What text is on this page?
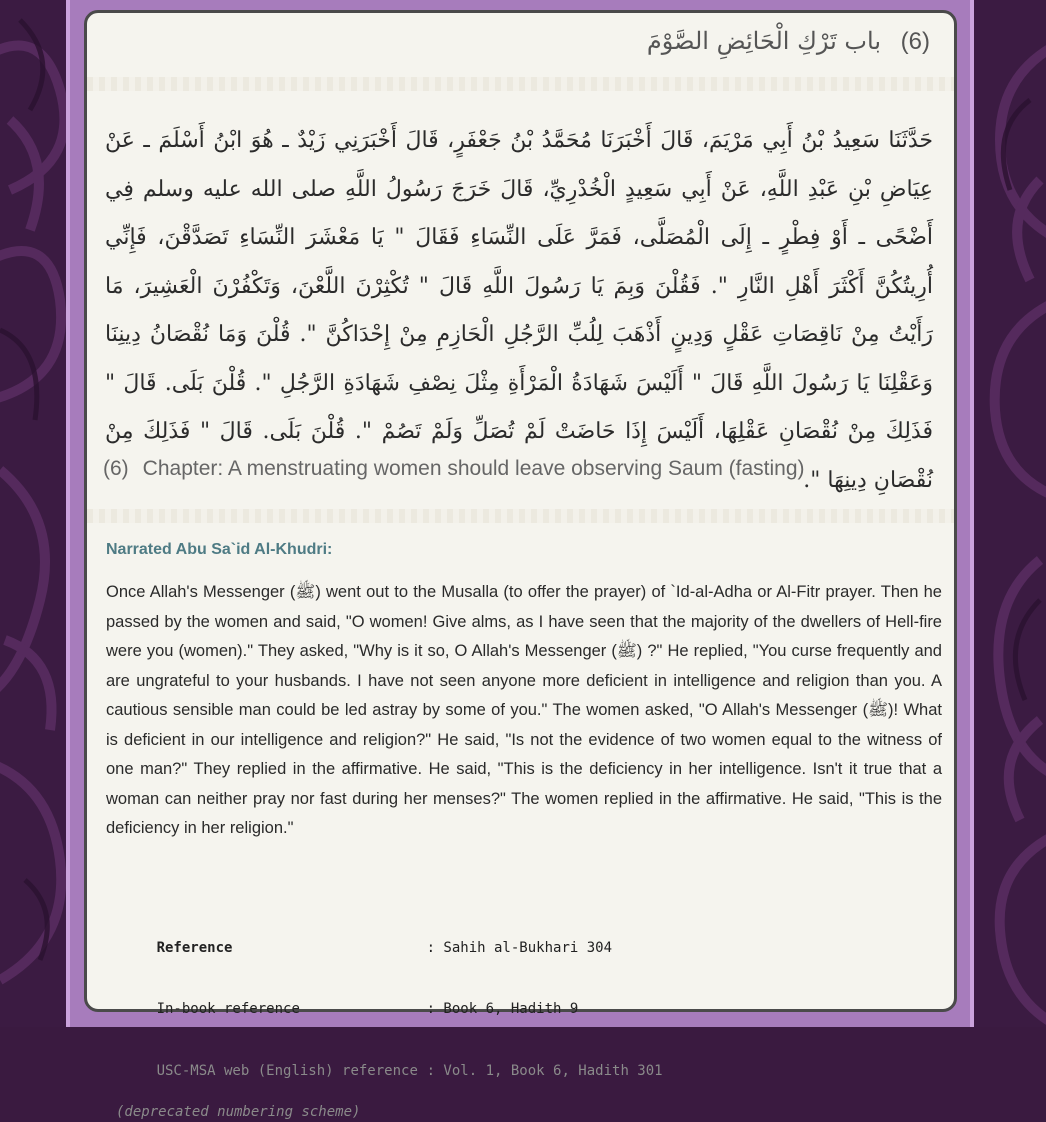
(6) باب تَرْكِ الْحَائِضِ الصَّوْمَ
حَدَّثَنَا سَعِيدُ بْنُ أَبِي مَرْيَمَ، قَالَ أَخْبَرَنَا مُحَمَّدُ بْنُ جَعْفَرٍ، قَالَ أَخْبَرَنِي زَيْدٌ ـ هُوَ ابْنُ أَسْلَمَ ـ عَنْ عِيَاضِ بْنِ عَبْدِ اللَّهِ، عَنْ أَبِي سَعِيدٍ الْخُدْرِيِّ، قَالَ خَرَجَ رَسُولُ اللَّهِ صلى الله عليه وسلم فِي أَضْحًى ـ أَوْ فِطْرٍ ـ إِلَى الْمُصَلَّى، فَمَرَّ عَلَى النِّسَاءِ فَقَالَ " يَا مَعْشَرَ النِّسَاءِ تَصَدَّقْنَ، فَإِنِّي أُرِيتُكُنَّ أَكْثَرَ أَهْلِ النَّارِ ". فَقُلْنَ وَبِمَ يَا رَسُولَ اللَّهِ قَالَ " تُكْثِرْنَ اللَّعْنَ، وَتَكْفُرْنَ الْعَشِيرَ، مَا رَأَيْتُ مِنْ نَاقِصَاتِ عَقْلٍ وَدِينٍ أَذْهَبَ لِلُبِّ الرَّجُلِ الْحَازِمِ مِنْ إِحْدَاكُنَّ ". قُلْنَ وَمَا نُقْصَانُ دِينِنَا وَعَقْلِنَا يَا رَسُولَ اللَّهِ قَالَ " أَلَيْسَ شَهَادَةُ الْمَرْأَةِ مِثْلَ نِصْفِ شَهَادَةِ الرَّجُلِ ". قُلْنَ بَلَى. قَالَ " فَذَلِكَ مِنْ نُقْصَانِ عَقْلِهَا، أَلَيْسَ إِذَا حَاضَتْ لَمْ تُصَلِّ وَلَمْ تَصُمْ ". قُلْنَ بَلَى. قَالَ " فَذَلِكَ مِنْ نُقْصَانِ دِينِهَا ".
(6) Chapter: A menstruating women should leave observing Saum (fasting)
Narrated Abu Sa`id Al-Khudri:
Once Allah's Messenger (ﷺ) went out to the Musalla (to offer the prayer) of `Id-al-Adha or Al-Fitr prayer. Then he passed by the women and said, "O women! Give alms, as I have seen that the majority of the dwellers of Hell-fire were you (women)." They asked, "Why is it so, O Allah's Messenger (ﷺ) ?" He replied, "You curse frequently and are ungrateful to your husbands. I have not seen anyone more deficient in intelligence and religion than you. A cautious sensible man could be led astray by some of you." The women asked, "O Allah's Messenger (ﷺ)! What is deficient in our intelligence and religion?" He said, "Is not the evidence of two women equal to the witness of one man?" They replied in the affirmative. He said, "This is the deficiency in her intelligence. Isn't it true that a woman can neither pray nor fast during her menses?" The women replied in the affirmative. He said, "This is the deficiency in her religion."

Reference	: Sahih al-Bukhari 304

In-book reference	: Book 6, Hadith 9

USC-MSA web (English) reference : Vol. 1, Book 6, Hadith 301

(deprecated numbering scheme)
